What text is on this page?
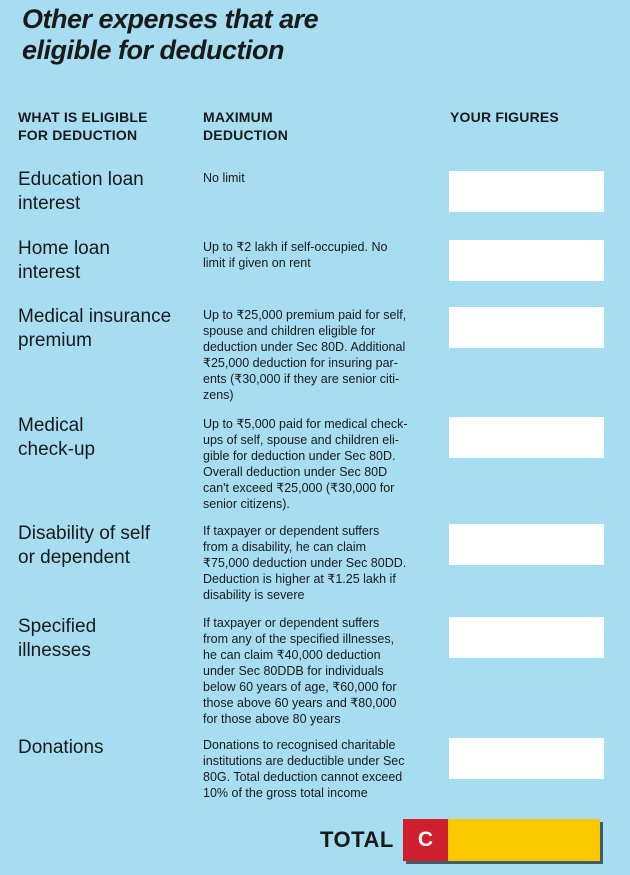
Other expenses that are
eligible for deduction
WHAT IS ELIGIBLE
FOR DEDUCTION
MAXIMUM
DEDUCTION
YOUR FIGURES
Education loan
interest
No limit
Home loan
interest
Up to ₹2 lakh if self-occupied. No
limit if given on rent
Medical insurance
premium
Up to ₹25,000 premium paid for self,
spouse and children eligible for
deduction under Sec 80D. Additional
₹25,000 deduction for insuring par-
ents (₹30,000 if they are senior citi-
zens)
Medical
check-up
Up to ₹5,000 paid for medical check-
ups of self, spouse and children eli-
gible for deduction under Sec 80D.
Overall deduction under Sec 80D
can't exceed ₹25,000 (₹30,000 for
senior citizens).
Disability of self
or dependent
If taxpayer or dependent suffers
from a disability, he can claim
₹75,000 deduction under Sec 80DD.
Deduction is higher at ₹1.25 lakh if
disability is severe
Specified
illnesses
If taxpayer or dependent suffers
from any of the specified illnesses,
he can claim ₹40,000 deduction
under Sec 80DDB for individuals
below 60 years of age, ₹60,000 for
those above 60 years and ₹80,000
for those above 80 years
Donations	Donations to recognised charitable
institutions are deductible under Sec
80G. Total deduction cannot exceed
10% of the gross total income
TOTAL	C
